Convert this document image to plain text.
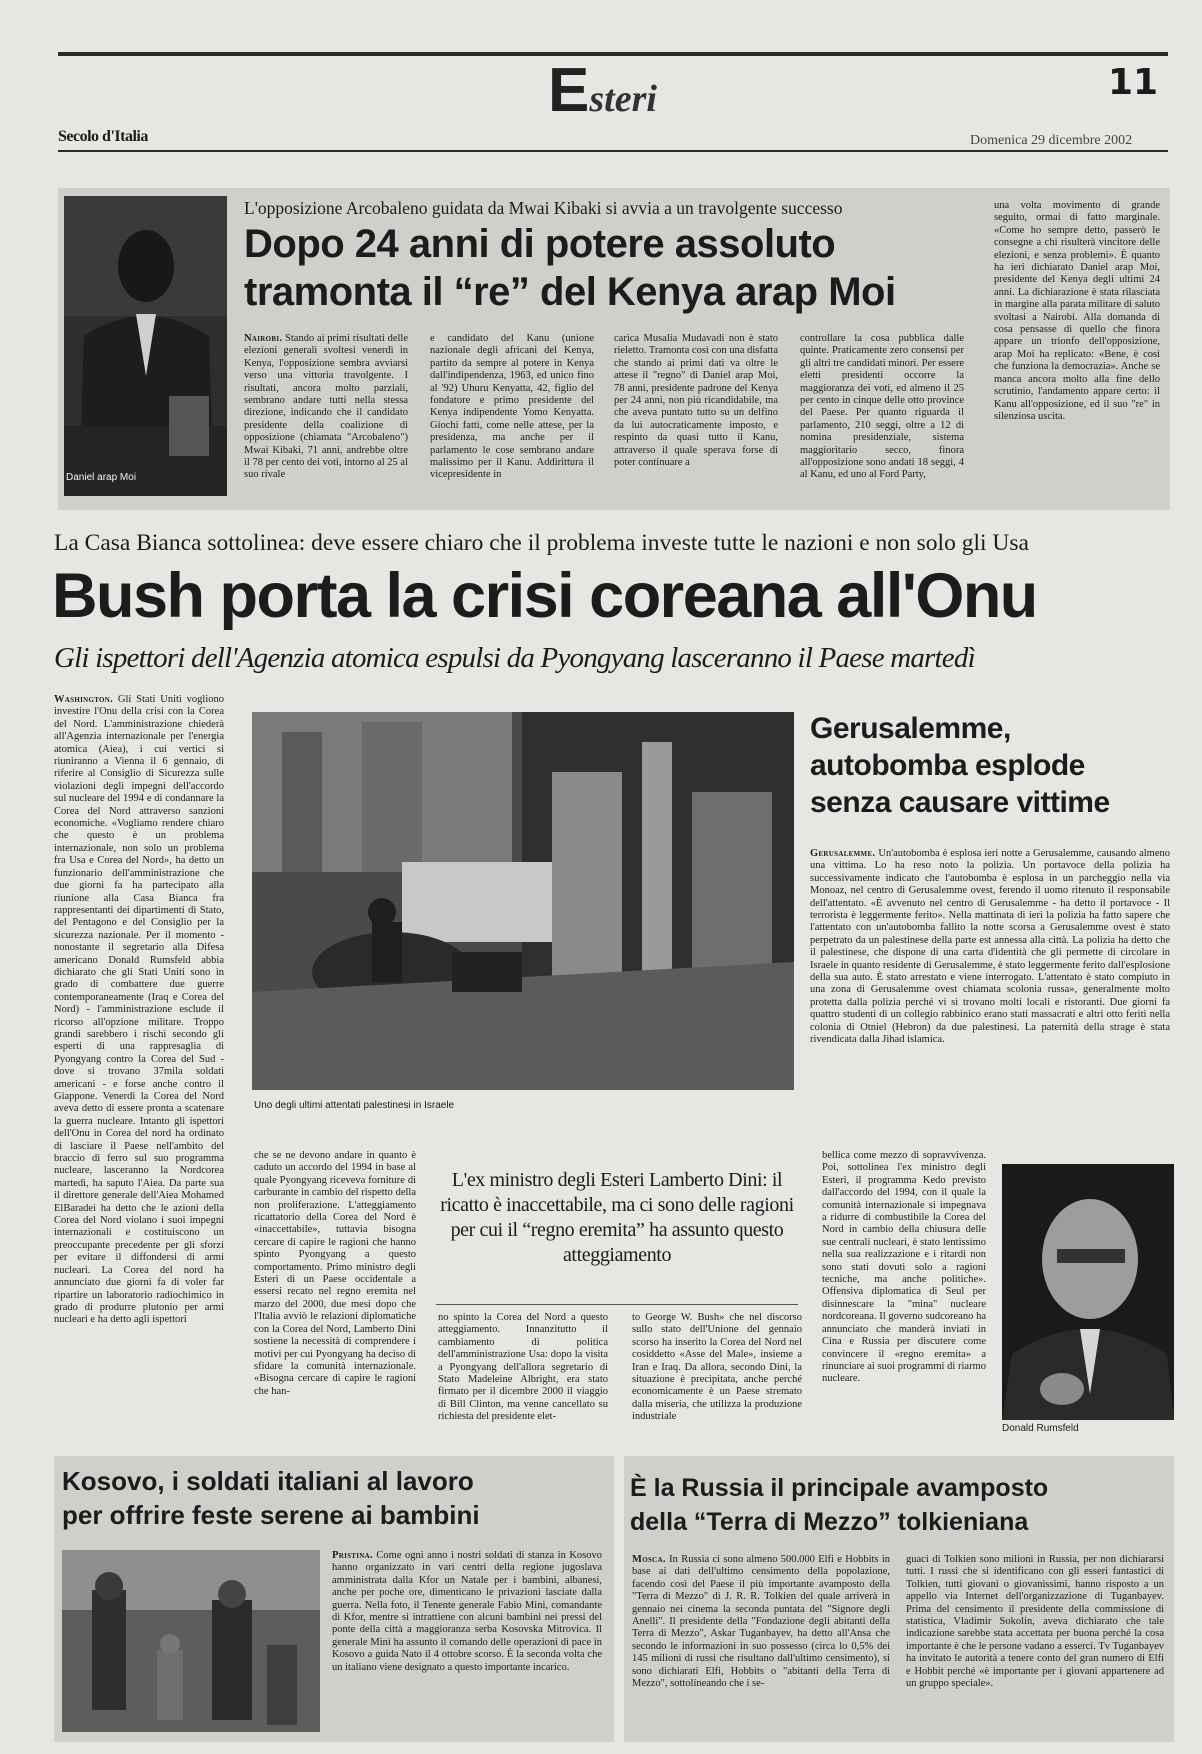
Esteri	11
Secolo d'Italia	Domenica 29 dicembre 2002
Daniel arap Moi
L'opposizione Arcobaleno guidata da Mwai Kibaki si avvia a un travolgente successo
Dopo 24 anni di potere assoluto
tramonta il “re” del Kenya arap Moi
Nairobi. Stando ai primi risultati delle elezioni generali svoltesi venerdì in Kenya, l'opposizione sembra avviarsi verso una vittoria travolgente. I risultati, ancora molto parziali, sembrano andare tutti nella stessa direzione, indicando che il candidato presidente della coalizione di opposizione (chiamata "Arcobaleno") Mwai Kibaki, 71 anni, andrebbe oltre il 78 per cento dei voti, intorno al 25 al suo rivale
e candidato del Kanu (unione nazionale degli africani del Kenya, partito da sempre al potere in Kenya dall'indipendenza, 1963, ed unico fino al '92) Uhuru Kenyatta, 42, figlio del fondatore e primo presidente del Kenya indipendente Yomo Kenyatta. Giochi fatti, come nelle attese, per la presidenza, ma anche per il parlamento le cose sembrano andare malissimo per il Kanu. Addirittura il vicepresidente in
carica Musalia Mudavadi non è stato rieletto. Tramonta così con una disfatta che stando ai primi dati va oltre le attese il "regno" di Daniel arap Moi, 78 anni, presidente padrone del Kenya per 24 anni, non più ricandidabile, ma che aveva puntato tutto su un delfino da lui autocraticamente imposto, e respinto da quasi tutto il Kanu, attraverso il quale sperava forse di poter continuare a
controllare la cosa pubblica dalle quinte. Praticamente zero consensi per gli altri tre candidati minori. Per essere eletti presidenti occorre la maggioranza dei voti, ed almeno il 25 per cento in cinque delle otto province del Paese. Per quanto riguarda il parlamento, 210 seggi, oltre a 12 di nomina presidenziale, sistema maggioritario secco, finora all'opposizione sono andati 18 seggi, 4 al Kanu, ed uno al Ford Party,
una volta movimento di grande seguito, ormai di fatto marginale. «Come ho sempre detto, passerò le consegne a chi risulterà vincitore delle elezioni, e senza problemi». È quanto ha ieri dichiarato Daniel arap Moi, presidente del Kenya degli ultimi 24 anni. La dichiarazione è stata rilasciata in margine alla parata militare di saluto svoltasi a Nairobi. Alla domanda di cosa pensasse di quello che finora appare un trionfo dell'opposizione, arap Moi ha replicato: «Bene, è così che funziona la democrazia». Anche se manca ancora molto alla fine dello scrutinio, l'andamento appare certo: il Kanu all'opposizione, ed il suo "re" in silenziosa uscita.
La Casa Bianca sottolinea: deve essere chiaro che il problema investe tutte le nazioni e non solo gli Usa
Bush porta la crisi coreana all'Onu
Gli ispettori dell'Agenzia atomica espulsi da Pyongyang lasceranno il Paese martedì
Washington. Gli Stati Uniti vogliono investire l'Onu della crisi con la Corea del Nord. L'amministrazione chiederà all'Agenzia internazionale per l'energia atomica (Aiea), i cui vertici si riuniranno a Vienna il 6 gennaio, di riferire al Consiglio di Sicurezza sulle violazioni degli impegni dell'accordo sul nucleare del 1994 e di condannare la Corea del Nord attraverso sanzioni economiche. «Vogliamo rendere chiaro che questo è un problema internazionale, non solo un problema fra Usa e Corea del Nord», ha detto un funzionario dell'amministrazione che due giorni fa ha partecipato alla riunione alla Casa Bianca fra rappresentanti dei dipartimenti di Stato, del Pentagono e del Consiglio per la sicurezza nazionale. Per il momento - nonostante il segretario alla Difesa americano Donald Rumsfeld abbia dichiarato che gli Stati Uniti sono in grado di combattere due guerre contemporaneamente (Iraq e Corea del Nord) - l'amministrazione esclude il ricorso all'opzione militare. Troppo grandi sarebbero i rischi secondo gli esperti di una rappresaglia di Pyongyang contro la Corea del Sud - dove si trovano 37mila soldati americani - e forse anche contro il Giappone. Venerdì la Corea del Nord aveva detto di essere pronta a scatenare la guerra nucleare. Intanto gli ispettori dell'Onu in Corea del nord ha ordinato di lasciare il Paese nell'ambito del braccio di ferro sul suo programma nucleare, lasceranno la Nordcorea martedì, ha saputo l'Aiea. Da parte sua il direttore generale dell'Aiea Mohamed ElBaradei ha detto che le azioni della Corea del Nord violano i suoi impegni internazionali e costituiscono un preoccupante precedente per gli sforzi per evitare il diffondersi di armi nucleari. La Corea del nord ha annunciato due giorni fa di voler far ripartire un laboratorio radiochimico in grado di produrre plutonio per armi nucleari e ha detto agli ispettori
Uno degli ultimi attentati palestinesi in Israele
Gerusalemme, autobomba esplode senza causare vittime
Gerusalemme. Un'autobomba è esplosa ieri notte a Gerusalemme, causando almeno una vittima. Lo ha reso noto la polizia. Un portavoce della polizia ha successivamente indicato che l'autobomba è esplosa in un parcheggio nella via Monoaz, nel centro di Gerusalemme ovest, ferendo il uomo ritenuto il responsabile dell'attentato. «È avvenuto nel centro di Gerusalemme - ha detto il portavoce - Il terrorista è leggermente ferito». Nella mattinata di ieri la polizia ha fatto sapere che l'attentato con un'autobomba fallito la notte scorsa a Gerusalemme ovest è stato perpetrato da un palestinese della parte est annessa alla città. La polizia ha detto che il palestinese, che dispone di una carta d'identità che gli permette di circolare in Israele in quanto residente di Gerusalemme, è stato leggermente ferito dall'esplosione della sua auto. È stato arrestato e viene interrogato. L'attentato è stato compiuto in una zona di Gerusalemme ovest chiamata scolonia russa», generalmente molto protetta dalla polizia perché vi si trovano molti locali e ristoranti. Due giorni fa quattro studenti di un collegio rabbinico erano stati massacrati e altri otto feriti nella colonia di Otniel (Hebron) da due palestinesi. La paternità della strage è stata rivendicata dalla Jihad islamica.
che se ne devono andare in quanto è caduto un accordo del 1994 in base al quale Pyongyang riceveva forniture di carburante in cambio del rispetto della non proliferazione. L'atteggiamento ricattatorio della Corea del Nord è «inaccettabile», tuttavia bisogna cercare di capire le ragioni che hanno spinto Pyongyang a questo comportamento. Primo ministro degli Esteri di un Paese occidentale a essersi recato nel regno eremita nel marzo del 2000, due mesi dopo che l'Italia avviò le relazioni diplomatiche con la Corea del Nord, Lamberto Dini sostiene la necessità di comprendere i motivi per cui Pyongyang ha deciso di sfidare la comunità internazionale. «Bisogna cercare di capire le ragioni che han-
L'ex ministro degli Esteri Lamberto Dini: il ricatto è inaccettabile, ma ci sono delle ragioni per cui il “regno eremita” ha assunto questo atteggiamento
no spinto la Corea del Nord a questo atteggiamento. Innanzitutto il cambiamento di politica dell'amministrazione Usa: dopo la visita a Pyongyang dell'allora segretario di Stato Madeleine Albright, era stato firmato per il dicembre 2000 il viaggio di Bill Clinton, ma venne cancellato su richiesta del presidente elet-
to George W. Bush» che nel discorso sullo stato dell'Unione del gennaio scorso ha inserito la Corea del Nord nel cosiddetto «Asse del Male», insieme a Iran e Iraq. Da allora, secondo Dini, la situazione è precipitata, anche perché economicamente è un Paese stremato dalla miseria, che utilizza la produzione industriale
bellica come mezzo di sopravvivenza. Poi, sottolinea l'ex ministro degli Esteri, il programma Kedo previsto dall'accordo del 1994, con il quale la comunità internazionale si impegnava a ridurre di combustibile la Corea del Nord in cambio della chiusura delle sue centrali nucleari, è stato lentissimo nella sua realizzazione e i ritardi non sono stati dovuti solo a ragioni tecniche, ma anche politiche». Offensiva diplomatica di Seul per disinnescare la "mina" nucleare nordcoreana. Il governo sudcoreano ha annunciato che manderà inviati in Cina e Russia per discutere come convincere il «regno eremita» a rinunciare ai suoi programmi di riarmo nucleare.
Donald Rumsfeld
Kosovo, i soldati italiani al lavoro
per offrire feste serene ai bambini
Pristina. Come ogni anno i nostri soldati di stanza in Kosovo hanno organizzato in vari centri della regione jugoslava amministrata dalla Kfor un Natale per i bambini, albanesi, anche per poche ore, dimenticano le privazioni lasciate dalla guerra. Nella foto, il Tenente generale Fabio Mini, comandante di Kfor, mentre si intrattiene con alcuni bambini nei pressi del ponte della città a maggioranza serba Kosovska Mitrovica. Il generale Mini ha assunto il comando delle operazioni di pace in Kosovo a guida Nato il 4 ottobre scorso. È la seconda volta che un italiano viene designato a questo importante incarico.
È la Russia il principale avamposto
della “Terra di Mezzo” tolkieniana
Mosca. In Russia ci sono almeno 500.000 Elfi e Hobbits in base ai dati dell'ultimo censimento della popolazione, facendo così del Paese il più importante avamposto della "Terra di Mezzo" di J. R. R. Tolkien del quale arriverà in gennaio nei cinema la seconda puntata del "Signore degli Anelli". Il presidente della "Fondazione degli abitanti della Terra di Mezzo", Askar Tuganbayev, ha detto all'Ansa che secondo le informazioni in suo possesso (circa lo 0,5% dei 145 milioni di russi che risultano dall'ultimo censimento), si sono dichiarati Elfi, Hobbits o "abitanti della Terra di Mezzo", sottolineando che i se-
guaci di Tolkien sono milioni in Russia, per non dichiararsi tutti. I russi che si identificano con gli esseri fantastici di Tolkien, tutti giovani o giovanissimi, hanno risposto a un appello via Internet dell'organizzazione di Tuganbayev. Prima del censimento il presidente della commissione di statistica, Vladimir Sokolin, aveva dichiarato che tale indicazione sarebbe stata accettata per buona perché la cosa importante è che le persone vadano a esserci. Tv Tuganbayev ha invitato le autorità a tenere conto del gran numero di Elfi e Hobbit perché «è importante per i giovani appartenere ad un gruppo speciale».
